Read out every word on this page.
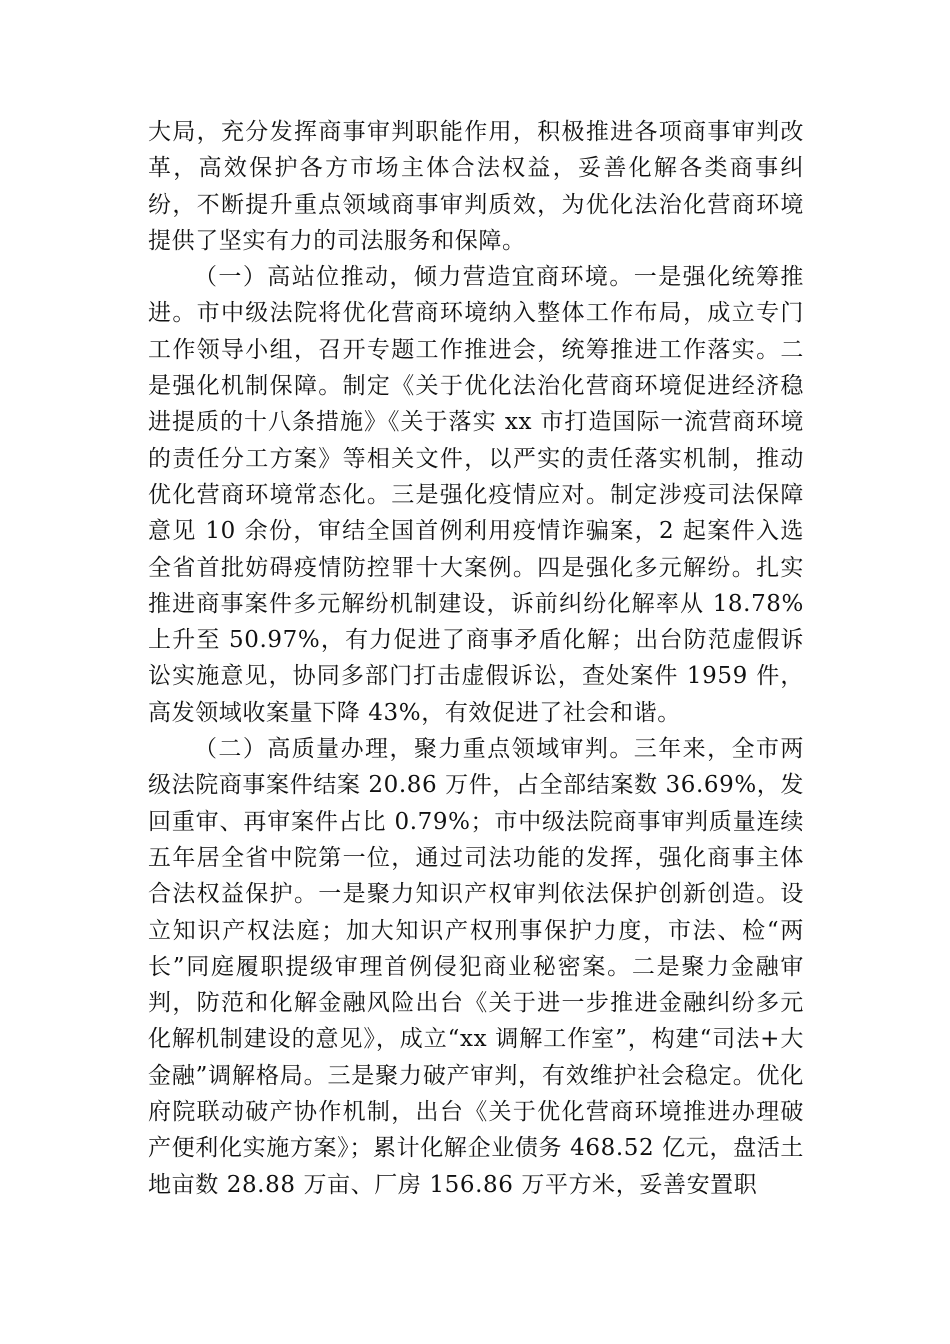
大局，充分发挥商事审判职能作用，积极推进各项商事审判改革，高效保护各方市场主体合法权益，妥善化解各类商事纠纷，不断提升重点领域商事审判质效，为优化法治化营商环境提供了坚实有力的司法服务和保障。

（一）高站位推动，倾力营造宜商环境。一是强化统筹推进。市中级法院将优化营商环境纳入整体工作布局，成立专门工作领导小组，召开专题工作推进会，统筹推进工作落实。二是强化机制保障。制定《关于优化法治化营商环境促进经济稳进提质的十八条措施》《关于落实 xx 市打造国际一流营商环境的责任分工方案》等相关文件，以严实的责任落实机制，推动优化营商环境常态化。三是强化疫情应对。制定涉疫司法保障意见 10 余份，审结全国首例利用疫情诈骗案，2 起案件入选全省首批妨碍疫情防控罪十大案例。四是强化多元解纷。扎实推进商事案件多元解纷机制建设，诉前纠纷化解率从 18.78%上升至 50.97%，有力促进了商事矛盾化解；出台防范虚假诉讼实施意见，协同多部门打击虚假诉讼，查处案件 1959 件，高发领域收案量下降 43%，有效促进了社会和谐。

（二）高质量办理，聚力重点领域审判。三年来，全市两级法院商事案件结案 20.86 万件，占全部结案数 36.69%，发回重审、再审案件占比 0.79%；市中级法院商事审判质量连续五年居全省中院第一位，通过司法功能的发挥，强化商事主体合法权益保护。一是聚力知识产权审判依法保护创新创造。设立知识产权法庭；加大知识产权刑事保护力度，市法、检“两长”同庭履职提级审理首例侵犯商业秘密案。二是聚力金融审判，防范和化解金融风险出台《关于进一步推进金融纠纷多元化解机制建设的意见》，成立“xx 调解工作室”，构建“司法+大金融”调解格局。三是聚力破产审判，有效维护社会稳定。优化府院联动破产协作机制，出台《关于优化营商环境推进办理破产便利化实施方案》；累计化解企业债务 468.52 亿元，盘活土地亩数 28.88 万亩、厂房 156.86 万平方米，妥善安置职
